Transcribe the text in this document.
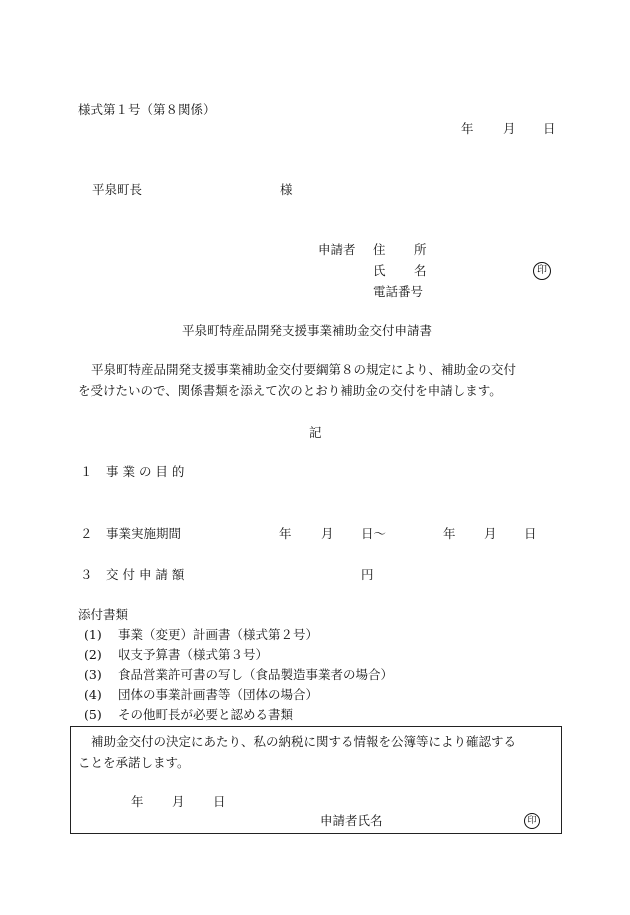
様式第１号（第８関係）
年 月 日
平泉町長	様
申請者 住 所
氏 名	印
電話番号
平泉町特産品開発支援事業補助金交付申請書
平泉町特産品開発支援事業補助金交付要綱第８の規定により、補助金の交付
を受けたいので、関係書類を添えて次のとおり補助金の交付を申請します。
記
１ 事 業 の 目 的
２ 事業実施期間	年 月 日〜	年 月 日
３ 交 付 申 請 額	円
添付書類
(1) 事業（変更）計画書（様式第２号）
(2) 収支予算書（様式第３号）
(3) 食品営業許可書の写し（食品製造事業者の場合）
(4) 団体の事業計画書等（団体の場合）
(5) その他町長が必要と認める書類
補助金交付の決定にあたり、私の納税に関する情報を公簿等により確認する
ことを承諾します。
年 月 日
申請者氏名	印
